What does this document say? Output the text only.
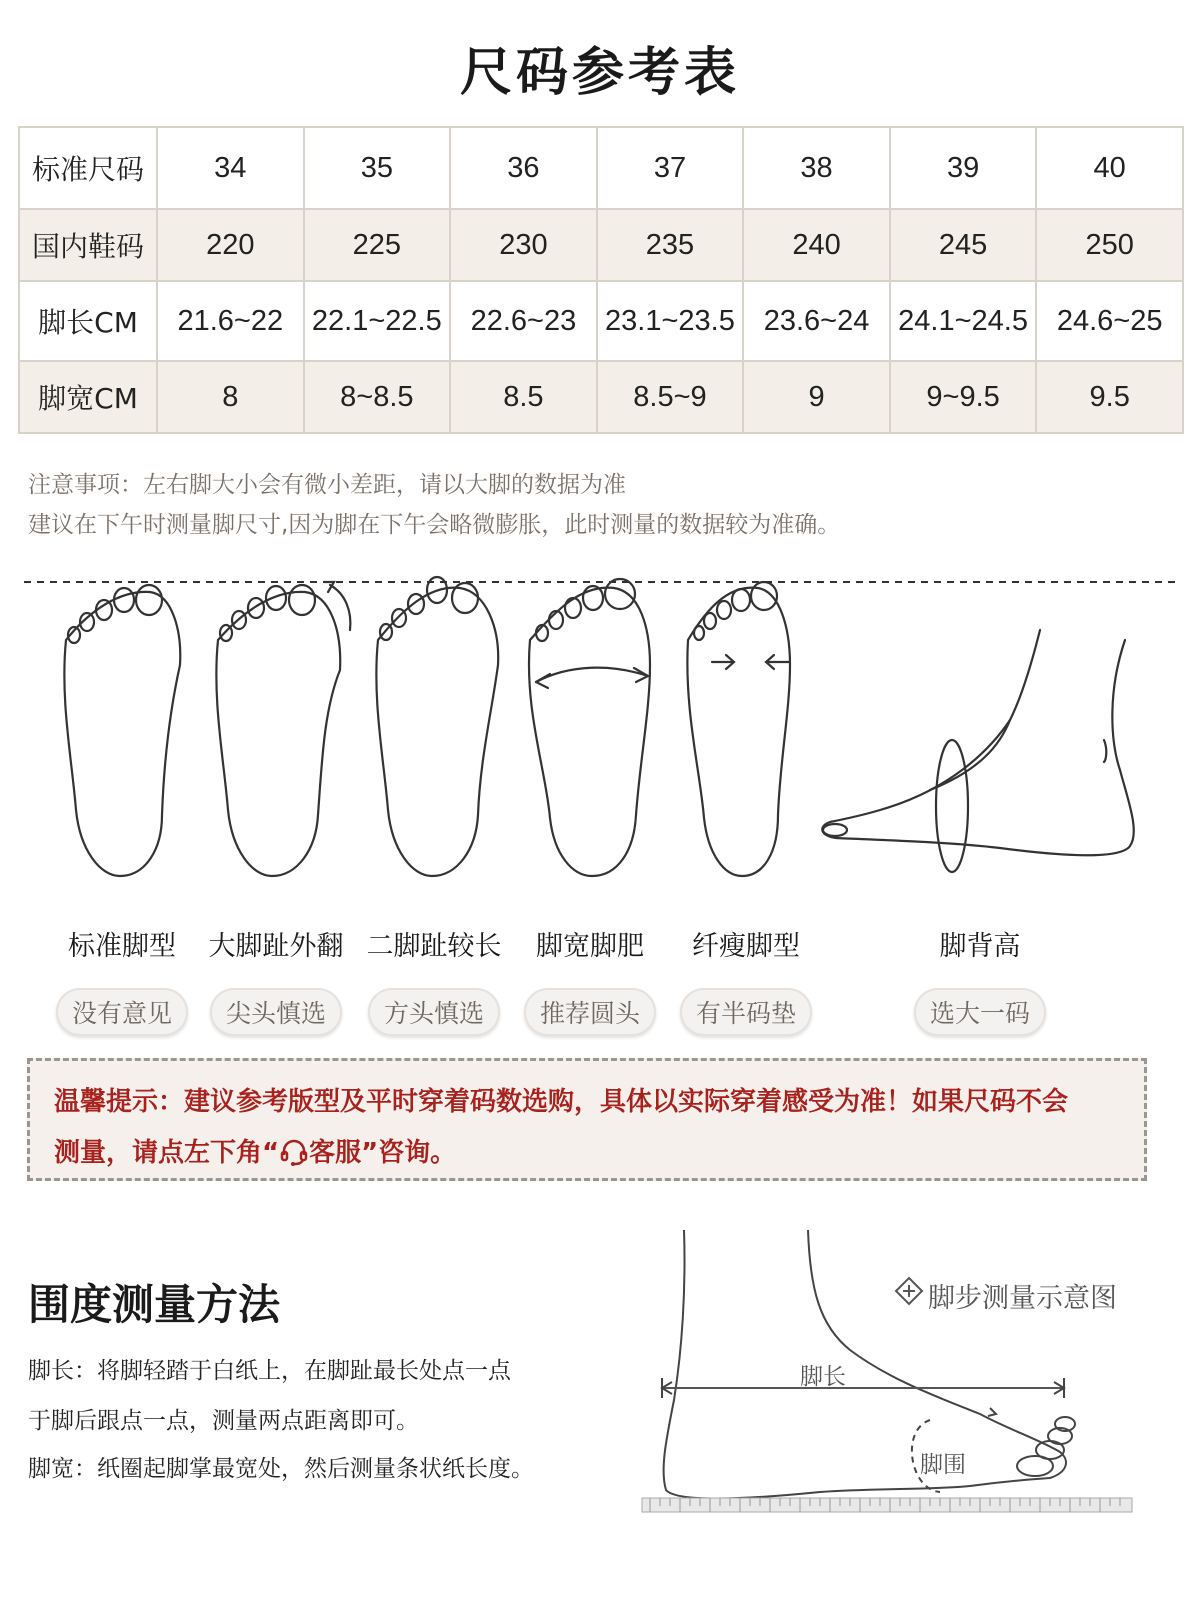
尺码参考表
标准尺码	34	35	36	37	38	39	40
国内鞋码	220	225	230	235	240	245	250
脚长CM	21.6~22	22.1~22.5	22.6~23	23.1~23.5	23.6~24	24.1~24.5	24.6~25
脚宽CM	8	8~8.5	8.5	8.5~9	9	9~9.5	9.5
注意事项：左右脚大小会有微小差距，请以大脚的数据为准
建议在下午时测量脚尺寸,因为脚在下午会略微膨胀，此时测量的数据较为准确。
标准脚型 大脚趾外翻 二脚趾较长 脚宽脚肥 纤瘦脚型	脚背高
没有意见	尖头慎选	方头慎选	推荐圆头	有半码垫	选大一码
温馨提示：建议参考版型及平时穿着码数选购，具体以实际穿着感受为准！如果尺码不会
测量，请点左下角“ 客服”咨询。
围度测量方法
脚长：将脚轻踏于白纸上，在脚趾最长处点一点
于脚后跟点一点，测量两点距离即可。
脚宽：纸圈起脚掌最宽处，然后测量条状纸长度。
脚步测量示意图
脚长
脚围
